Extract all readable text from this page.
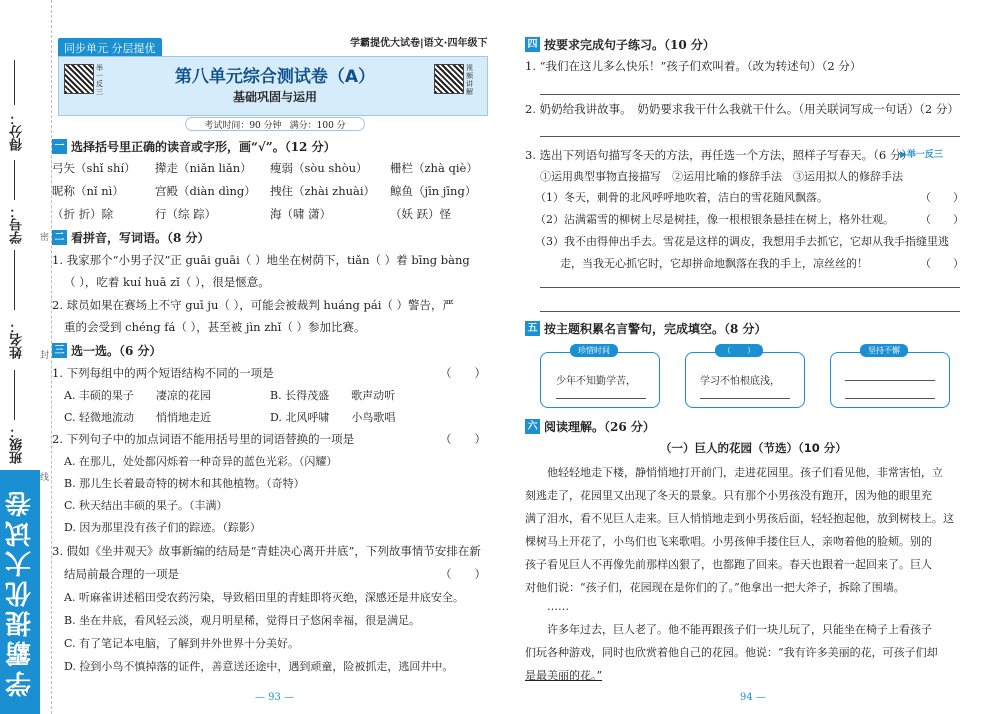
得分：
学号：
姓名：
班级：
密
封
线
学霸提优大试卷
同步单元 分层提优	学霸提优大试卷|语文·四年级下
举一反三
视频讲解
第八单元综合测试卷（A）
基础巩固与运用
考试时间：90 分钟 满分：100 分
一 选择括号里正确的读音或字形，画“√”。（12 分）
弓矢（shǐ shí） 撵走（niǎn liǎn） 瘦弱（sòu shòu） 栅栏（zhà qiè）
昵称（nǐ nì）	宫殿（diàn dìng） 拽住（zhài zhuài） 鲸鱼（jīn jīng）
（折 折）除	行（综 踪）	海（啸 潇）	（妖 跃）怪
二 看拼音，写词语。（8 分）
1. 我家那个“小男子汉”正 guāi guāi（ ）地坐在树荫下，tiǎn（ ）着 bīng bàng
（ ），吃着 kuí huā zǐ（ ），很是惬意。
2. 球员如果在赛场上不守 guī ju（ ），可能会被裁判 huáng pái（ ）警告，严
重的会受到 chéng fá（ ），甚至被 jìn zhǐ（ ）参加比赛。
三 选一选。（6 分）
1. 下列每组中的两个短语结构不同的一项是	（　　）
A. 丰硕的果子　　凄凉的花园	B. 长得茂盛　　歌声动听
C. 轻微地流动　　悄悄地走近	D. 北风呼啸　　小鸟歌唱
2. 下列句子中的加点词语不能用括号里的词语替换的一项是	（　　）
A. 在那儿，处处都闪烁着一种奇异的蓝色光彩。（闪耀）
B. 那儿生长着最奇特的树木和其他植物。（奇特）
C. 秋天结出丰硕的果子。（丰满）
D. 因为那里没有孩子们的踪迹。（踪影）
3. 假如《坐井观天》故事新编的结局是“青蛙决心离开井底”，下列故事情节安排在新
结局前最合理的一项是	（　　）
A. 听麻雀讲述稻田受农药污染，导致稻田里的青蛙即将灭绝，深感还是井底安全。
B. 坐在井底，看风轻云淡，观月明星稀，觉得日子悠闲幸福，很是满足。
C. 有了笔记本电脑，了解到井外世界十分美好。
D. 捡到小鸟不慎掉落的证件，善意送还途中，遇到顽童，险被抓走，逃回井中。
— 93 —
四 按要求完成句子练习。（10 分）
1. “我们在这儿多么快乐！”孩子们欢叫着。（改为转述句）（2 分）
2. 奶奶给我讲故事。　奶奶要求我干什么我就干什么。（用关联词写成一句话）（2 分）
3. 选出下列语句描写冬天的方法，再任选一个方法，照样子写春天。（6 分）
▶举一反三
①运用典型事物直接描写　②运用比喻的修辞手法　③运用拟人的修辞手法
（1）冬天，刺骨的北风呼呼地吹着，洁白的雪花随风飘落。	（　　）
（2）沾满霜雪的柳树上尽是树挂，像一根根银条悬挂在树上，格外壮观。 （　　）
（3）我不由得伸出手去。雪花是这样的调皮，我想用手去抓它，它却从我手指缝里逃
走，当我无心抓它时，它却拼命地飘落在我的手上，凉丝丝的！	（　　）
五 按主题积累名言警句，完成填空。（8 分）
珍惜时间
少年不知勤学苦，
（　　）
学习不怕根底浅，
坚持不懈
六 阅读理解。（26 分）
（一）巨人的花园（节选）（10 分）
他轻轻地走下楼，静悄悄地打开前门，走进花园里。孩子们看见他，非常害怕，立
刻逃走了，花园里又出现了冬天的景象。只有那个小男孩没有跑开，因为他的眼里充
满了泪水，看不见巨人走来。巨人悄悄地走到小男孩后面，轻轻抱起他，放到树枝上。这
棵树马上开花了，小鸟们也飞来歌唱。小男孩伸手搂住巨人，亲吻着他的脸颊。别的
孩子看见巨人不再像先前那样凶狠了，也都跑了回来。春天也跟着一起回来了。巨人
对他们说：“孩子们，花园现在是你们的了。”他拿出一把大斧子，拆除了围墙。
……
许多年过去，巨人老了。他不能再跟孩子们一块儿玩了，只能坐在椅子上看孩子
们玩各种游戏，同时也欣赏着他自己的花园。他说：“我有许多美丽的花，可孩子们却
是最美丽的花。”
94 —
